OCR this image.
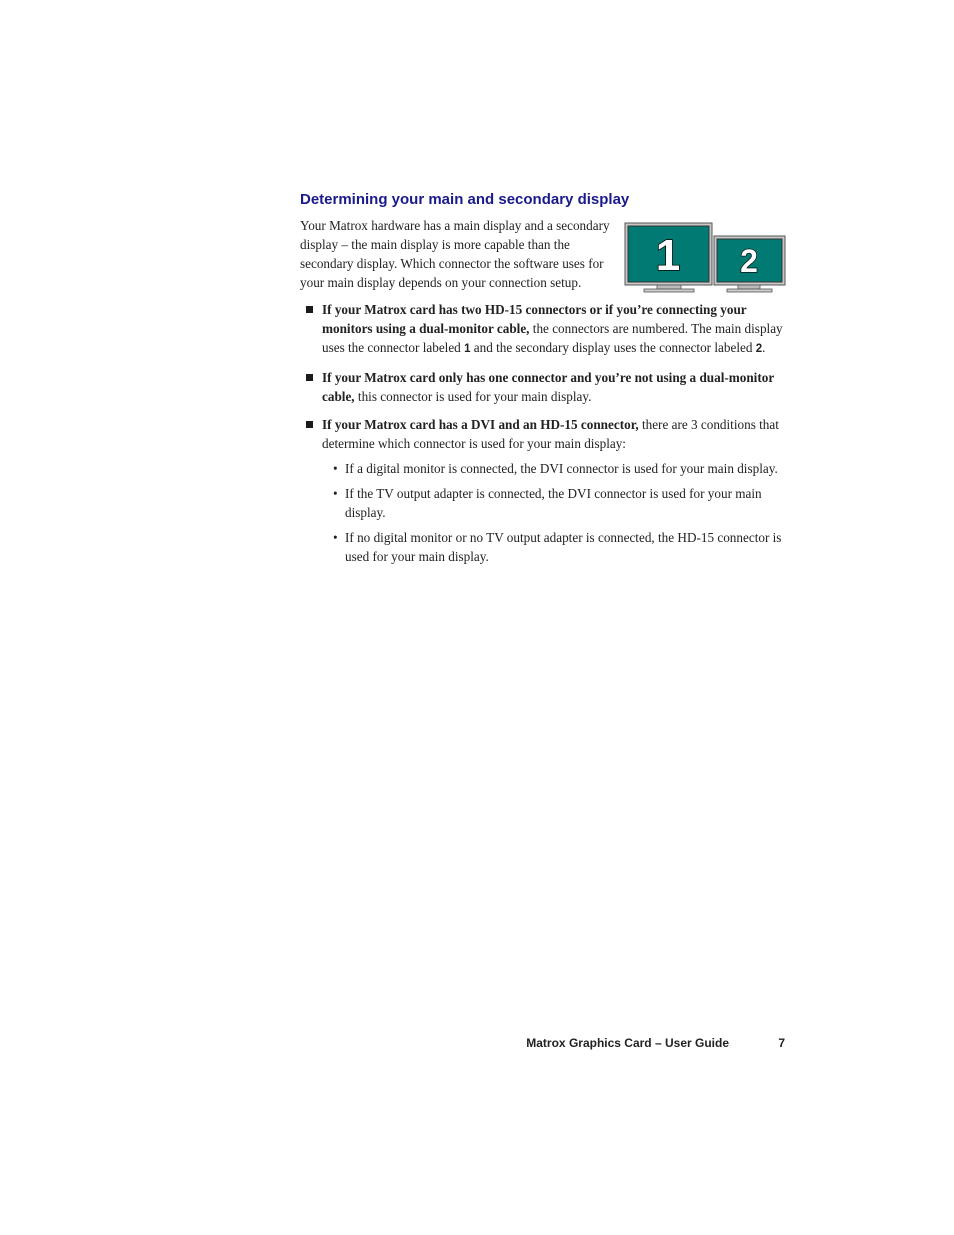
Determining your main and secondary display

Your Matrox hardware has a main display and a secondary display – the main display is more capable than the secondary display. Which connector the software uses for your main display depends on your connection setup.

1 2
If your Matrox card has two HD-15 connectors or if you’re connecting your monitors using a dual-monitor cable, the connectors are numbered. The main display uses the connector labeled 1 and the secondary display uses the connector labeled 2.
If your Matrox card only has one connector and you’re not using a dual-monitor cable, this connector is used for your main display.
If your Matrox card has a DVI and an HD-15 connector, there are 3 conditions that determine which connector is used for your main display:
• If a digital monitor is connected, the DVI connector is used for your main display.
• If the TV output adapter is connected, the DVI connector is used for your main display.
• If no digital monitor or no TV output adapter is connected, the HD-15 connector is used for your main display.
Matrox Graphics Card – User Guide	7
